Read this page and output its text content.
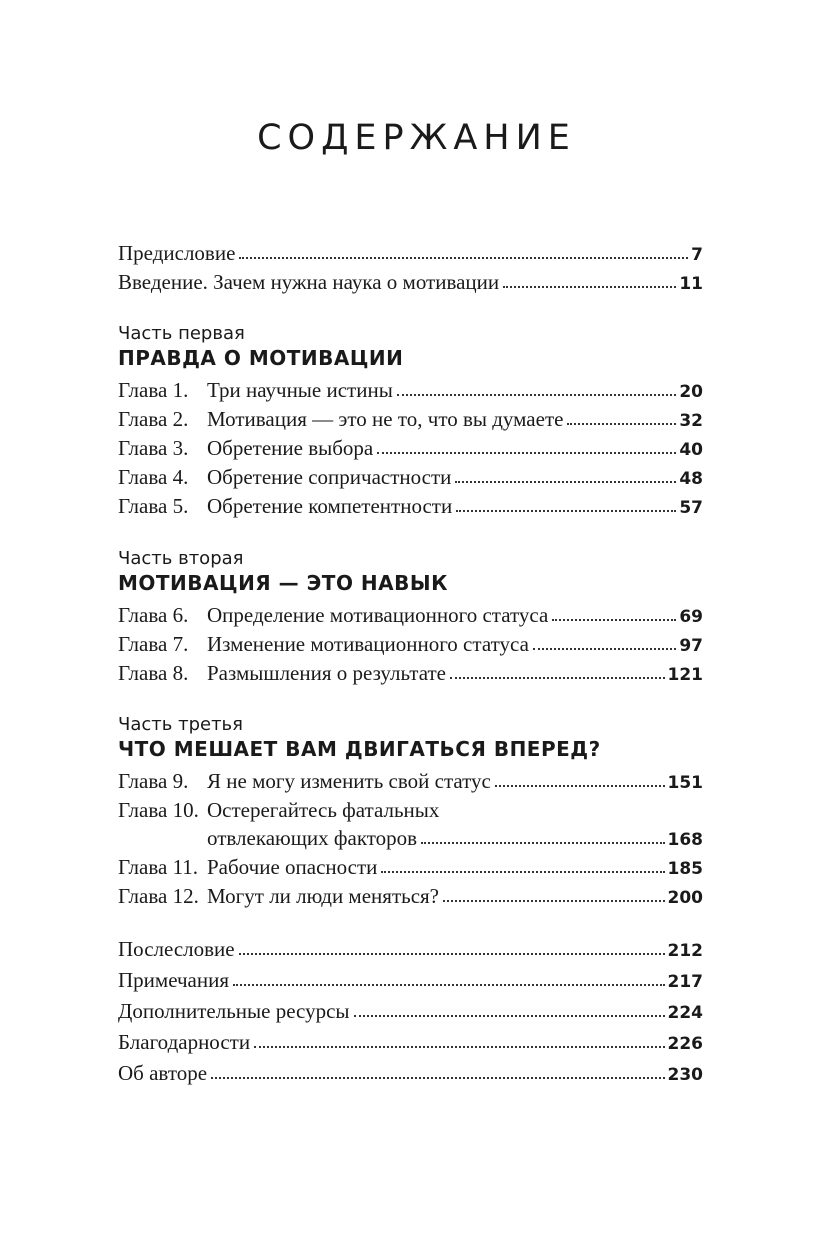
СОДЕРЖАНИЕ
Предисловие	7
Введение. Зачем нужна наука о мотивации	11
Часть первая
ПРАВДА О МОТИВАЦИИ
Глава 1. Три научные истины	20
Глава 2. Мотивация — это не то, что вы думаете	32
Глава 3. Обретение выбора	40
Глава 4. Обретение сопричастности	48
Глава 5. Обретение компетентности	57
Часть вторая
МОТИВАЦИЯ — ЭТО НАВЫК
Глава 6. Определение мотивационного статуса	69
Глава 7. Изменение мотивационного статуса	97
Глава 8. Размышления о результате	121
Часть третья
ЧТО МЕШАЕТ ВАМ ДВИГАТЬСЯ ВПЕРЕД?
Глава 9. Я не могу изменить свой статус	151
Глава 10. Остерегайтесь фатальных
отвлекающих факторов	168
Глава 11. Рабочие опасности	185
Глава 12. Могут ли люди меняться?	200
Послесловие	212
Примечания	217
Дополнительные ресурсы	224
Благодарности	226
Об авторе	230
